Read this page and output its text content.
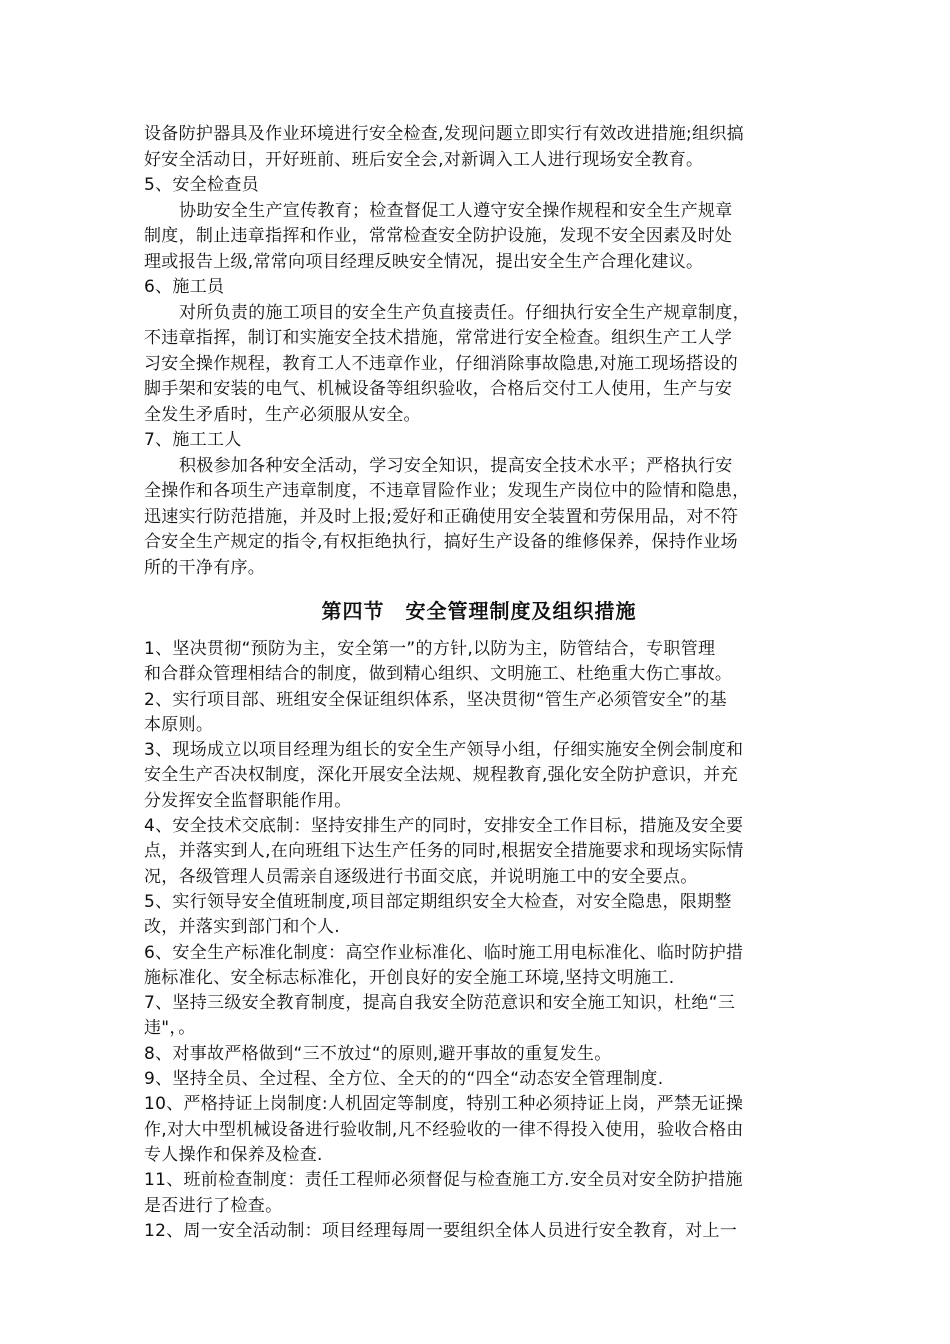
设备防护器具及作业环境进行安全检查,发现问题立即实行有效改进措施;组织搞
好安全活动日，开好班前、班后安全会,对新调入工人进行现场安全教育。
5、安全检查员
协助安全生产宣传教育；检查督促工人遵守安全操作规程和安全生产规章
制度，制止违章指挥和作业，常常检查安全防护设施，发现不安全因素及时处
理或报告上级,常常向项目经理反映安全情况，提出安全生产合理化建议。
6、施工员
对所负责的施工项目的安全生产负直接责任。仔细执行安全生产规章制度，
不违章指挥，制订和实施安全技术措施，常常进行安全检查。组织生产工人学
习安全操作规程，教育工人不违章作业，仔细消除事故隐患,对施工现场搭设的
脚手架和安装的电气、机械设备等组织验收，合格后交付工人使用，生产与安
全发生矛盾时，生产必须服从安全。
7、施工工人
积极参加各种安全活动，学习安全知识，提高安全技术水平；严格执行安
全操作和各项生产违章制度，不违章冒险作业；发现生产岗位中的险情和隐患，
迅速实行防范措施，并及时上报;爱好和正确使用安全装置和劳保用品，对不符
合安全生产规定的指令,有权拒绝执行，搞好生产设备的维修保养，保持作业场
所的干净有序。
第四节　安全管理制度及组织措施
1、坚决贯彻“预防为主，安全第一”的方针,以防为主，防管结合，专职管理
和合群众管理相结合的制度，做到精心组织、文明施工、杜绝重大伤亡事故。
2、实行项目部、班组安全保证组织体系，坚决贯彻“管生产必须管安全”的基
本原则。
3、现场成立以项目经理为组长的安全生产领导小组，仔细实施安全例会制度和
安全生产否决权制度，深化开展安全法规、规程教育,强化安全防护意识，并充
分发挥安全监督职能作用。
4、安全技术交底制：坚持安排生产的同时，安排安全工作目标，措施及安全要
点，并落实到人,在向班组下达生产任务的同时,根据安全措施要求和现场实际情
况，各级管理人员需亲自逐级进行书面交底，并说明施工中的安全要点。
5、实行领导安全值班制度,项目部定期组织安全大检查，对安全隐患，限期整
改，并落实到部门和个人.
6、安全生产标准化制度：高空作业标准化、临时施工用电标准化、临时防护措
施标准化、安全标志标准化，开创良好的安全施工环境,坚持文明施工.
7、坚持三级安全教育制度，提高自我安全防范意识和安全施工知识，杜绝“三
违"，。
8、对事故严格做到“三不放过“的原则,避开事故的重复发生。
9、坚持全员、全过程、全方位、全天的的“四全“动态安全管理制度.
10、严格持证上岗制度:人机固定等制度，特别工种必须持证上岗，严禁无证操
作,对大中型机械设备进行验收制,凡不经验收的一律不得投入使用，验收合格由
专人操作和保养及检查.
11、班前检查制度：责任工程师必须督促与检查施工方.安全员对安全防护措施
是否进行了检查。
12、周一安全活动制：项目经理每周一要组织全体人员进行安全教育，对上一
